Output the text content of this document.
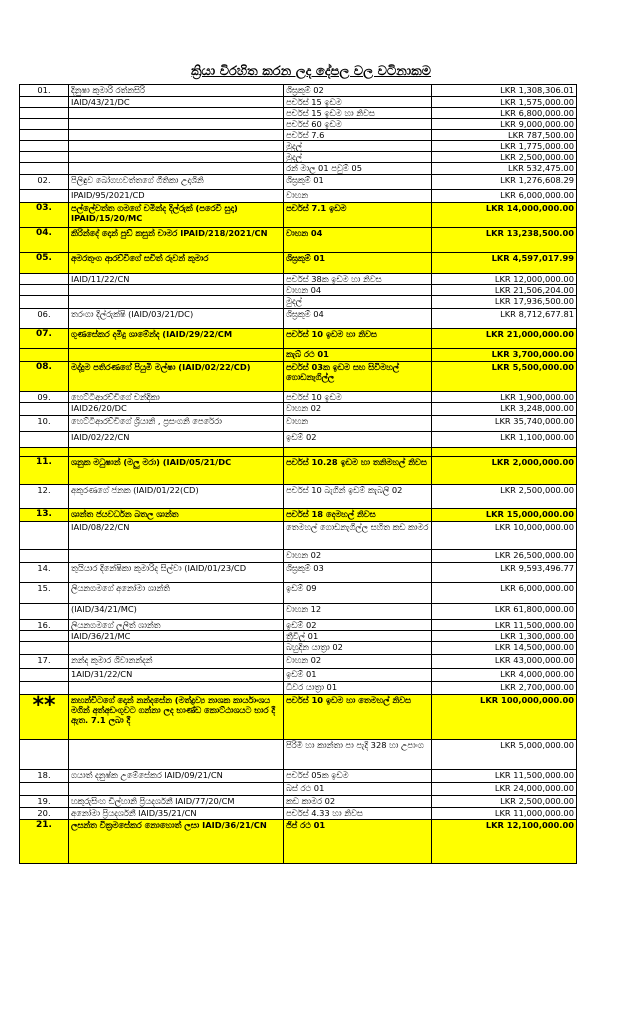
ක්‍රියා විරහිත කරන ලද දේපල වල වටිනාකම
01.	දිනුෂා කුමාරි රත්නසිරි	ශිඝ්‍රකුම් 02	LKR 1,308,306.01
	IAID/43/21/DC	පර්චස් 15 ඉඩම	LKR 1,575,000.00
		පර්චස් 15 ඉඩම හා නිවස	LKR 6,800,000.00
		පර්චස් 60 ඉඩම	LKR 9,000,000.00
		පර්චස් 7.6	LKR 787,500.00
		මුදල්	LKR 1,775,000.00
		මුදල්	LKR 2,500,000.00
		රන් මාල 01 පවුම් 05	LKR 532,475.00
02.	පිලිඳුව බෝගහවත්තගේ ගීතිකා උදාශිනි	ශිඝ්‍රකුම් 01	LKR 1,276,608.29
	IPAID/95/2021/CD	වාහන	LKR 6,000,000.00
03.	පල්ලේවත්ත ගමගේ චමින්ද දිල්රුක් (පරෙවි සුදා) IPAID/15/20/MC	පර්චස් 7.1 ඉඩම	LKR 14,000,000.00
04.	කිරින්දේ දොන් පුඩ් කසුන් චාමර IPAID/218/2021/CN	වාහන 04	LKR 13,238,500.00
05.	අමරතුංග ආරච්චිගේ සචිත් රුවන් කුමාර	ශිඝ්‍රකුම් 01	LKR 4,597,017.99
	IAID/11/22/CN	පර්චස් 38ක ඉඩම හා නිවස	LKR 12,000,000.00
		වාහන 04	LKR 21,506,204.00
		මුදල්	LKR 17,936,500.00
06.	තරංගා දිල්රුක්ෂි (IAID/03/21/DC)	ශිඝ්‍රකුම් 04	LKR 8,712,677.81
07.	ගුණසේකර දමිදු ශාමේන්ද (IAID/29/22/CM	පර්චස් 10 ඉඩම හා නිවස	LKR 21,000,000.00
		කැබ් රථ 01	LKR 3,700,000.00
08.	මද්දුම පතිරණගේ පියුමි මල්ෂා (IAID/02/22/CD)	පර්චස් 03ක ඉඩම සහ සිවිමහල් ගොඩනැගිල්ල	LKR 5,500,000.00
09.	හෙට්ටිආරච්චිගේ චන්දිකා	පර්චස් 10 ඉඩම	LKR 1,900,000.00
	IAID26/20/DC	වාහන 02	LKR 3,248,000.00
10.	හෙට්ටිආරච්චිගේ ශ්‍රියානි , ප්‍රසංගනි පෙරේරා	වාහන	LKR 35,740,000.00
	IAID/02/22/CN	ඉඩම් 02	LKR 1,100,000.00

11.	ශනුක මධුෂාන් (මලු මරා) (IAID/05/21/DC	පර්චස් 10.28 ඉඩම හා තනිමහල් නිවස	LKR 2,000,000.00
12.	අකුරණගේ ජනක (IAID/01/22(CD)	පර්චස් 10 බැගින් ඉඩම් කැබලි 02	LKR 2,500,000.00
13.	ශාන්ත ජයවර්ධන බතල ශාන්ත	පර්චස් 18 දෙමහල් නිවස	LKR 15,000,000.00
	IAID/08/22/CN	තෙමහල් ගොඩනැගිල්ල සහිත කඩ කාමර	LKR 10,000,000.00
		වාහන 02	LKR 26,500,000.00
14.	තුයියාර දිනේෂිකා කුමාරිද සිල්වා (IAID/01/23/CD	ශිඝ්‍රකුම් 03	LKR 9,593,496.77
15.	ලියනගමගේ අනෝමා ශාන්ති	ඉඩම් 09	LKR 6,000,000.00
	(IAID/34/21/MC)	වාහන 12	LKR 61,800,000.00
16.	ලියනගමගේ ලලිත් ශාන්ත	ඉඩම් 02	LKR 11,500,000.00
	IAID/36/21/MC	ත්‍රීවීල් 01	LKR 1,300,000.00
		බහුදින යාත්‍රා 02	LKR 14,500,000.00
17.	නන්ද කුමාර ශිවානන්දන්	වාහන 02	LKR 43,000,000.00
	1AID/31/22/CN	ඉඩම් 01	LKR 4,000,000.00
		ධීවර යාත්‍රා 01	LKR 2,700,000.00
**	කහන්චිටගේ දොන් නන්දසේන (මත්ද්‍රව්‍ය නාශක කාර්යාංශය මගින් අත්අඩංගුවට ගන්නා ලද භාණ්ඩ කොට්ඨාශයට භාර දී ඇත. 7.1 ලබා දී	පර්චස් 10 ඉඩම හා තෙමහල් නිවස	LKR 100,000,000.00
		පිරිමි හා කාන්තා පා පැදි 328 හා උපාංග	LKR 5,000,000.00
18.	ගයාත් දනුෂ්ක උමේසේකර IAID/09/21/CN	පර්චස් 05ක ඉඩම	LKR 11,500,000.00
		බස් රථ 01	LKR 24,000,000.00
19.	හකුරුසිංහ ඩිල්හානි ප්‍රියදර්ශනී IAID/77/20/CM	කඩ කාමර 02	LKR 2,500,000.00
20.	අනෝමා ප්‍රියදර්ශනී IAID/35/21/CN	පර්චස් 4.33 හා නිවස	LKR 11,000,000.00
21.	ලසන්ත වික්‍රමසේකර නොහොත් ලසා IAID/36/21/CN	ජිප් රථ 01	LKR 12,100,000.00
